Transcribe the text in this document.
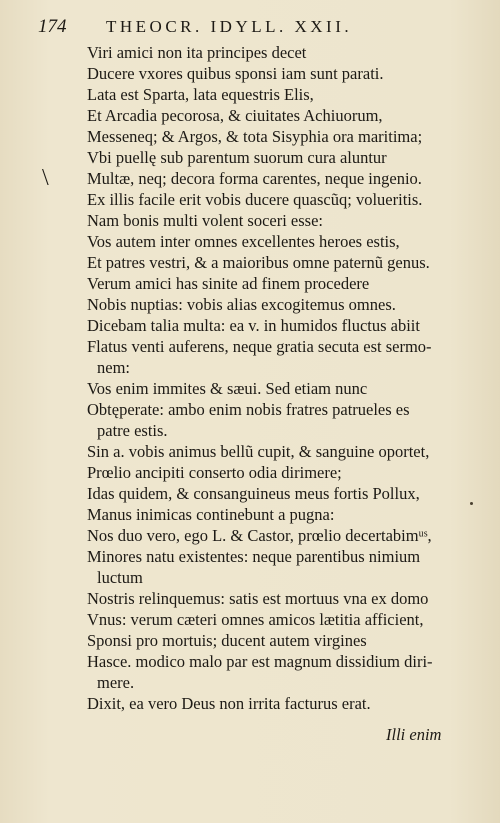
174 THEOCR. IDYLL. XXII.
\
Viri amici non ita principes decet
Ducere vxores quibus sponsi iam sunt parati.
Lata est Sparta, lata equestris Elis,
Et Arcadia pecorosa, & ciuitates Achiuorum,
Messeneq; & Argos, & tota Sisyphia ora maritima;
Vbi puellę sub parentum suorum cura aluntur
Multæ, neq; decora forma carentes, neque ingenio.
Ex illis facile erit vobis ducere quascũq; volueritis.
Nam bonis multi volent soceri esse:
Vos autem inter omnes excellentes heroes estis,
Et patres vestri, & a maioribus omne paternũ genus.
Verum amici has sinite ad finem procedere
Nobis nuptias: vobis alias excogitemus omnes.
Dicebam talia multa: ea v. in humidos fluctus abiit
Flatus venti auferens, neque gratia secuta est sermo-
nem:
Vos enim immites & sæui. Sed etiam nunc
Obtęperate: ambo enim nobis fratres patrueles es
patre estis.
Sin a. vobis animus bellũ cupit, & sanguine oportet,
Prœlio ancipiti conserto odia dirimere;
Idas quidem, & consanguineus meus fortis Pollux,
Manus inimicas continebunt a pugna:
Nos duo vero, ego L. & Castor, prœlio decertabimᵘˢ,
Minores natu existentes: neque parentibus nimium
luctum
Nostris relinquemus: satis est mortuus vna ex domo
Vnus: verum cæteri omnes amicos lætitia afficient,
Sponsi pro mortuis; ducent autem virgines
Hasce. modico malo par est magnum dissidium diri-
mere.
Dixit, ea vero Deus non irrita facturus erat.
Illi enim
